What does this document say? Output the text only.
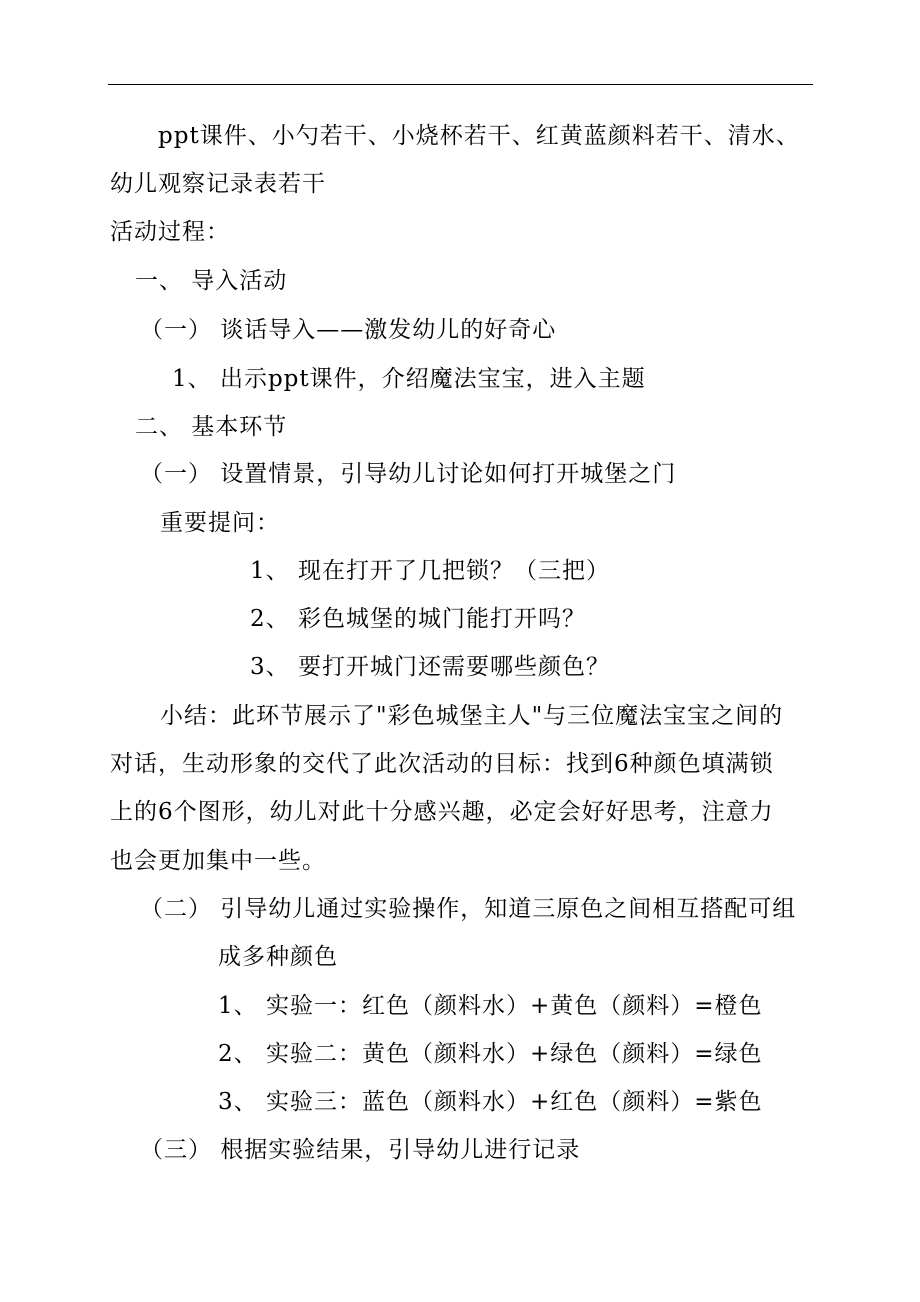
ppt课件、小勺若干、小烧杯若干、红黄蓝颜料若干、清水、
幼儿观察记录表若干
活动过程：
一、 导入活动
（一） 谈话导入——激发幼儿的好奇心
1、 出示ppt课件，介绍魔法宝宝，进入主题
二、 基本环节
（一） 设置情景，引导幼儿讨论如何打开城堡之门
重要提问：
1、 现在打开了几把锁？（三把）
2、 彩色城堡的城门能打开吗？
3、 要打开城门还需要哪些颜色？
小结：此环节展示了"彩色城堡主人"与三位魔法宝宝之间的
对话，生动形象的交代了此次活动的目标：找到6种颜色填满锁
上的6个图形，幼儿对此十分感兴趣，必定会好好思考，注意力
也会更加集中一些。
（二） 引导幼儿通过实验操作，知道三原色之间相互搭配可组
成多种颜色
1、 实验一：红色（颜料水）+黄色（颜料）=橙色
2、 实验二：黄色（颜料水）+绿色（颜料）=绿色
3、 实验三：蓝色（颜料水）+红色（颜料）=紫色
（三） 根据实验结果，引导幼儿进行记录
